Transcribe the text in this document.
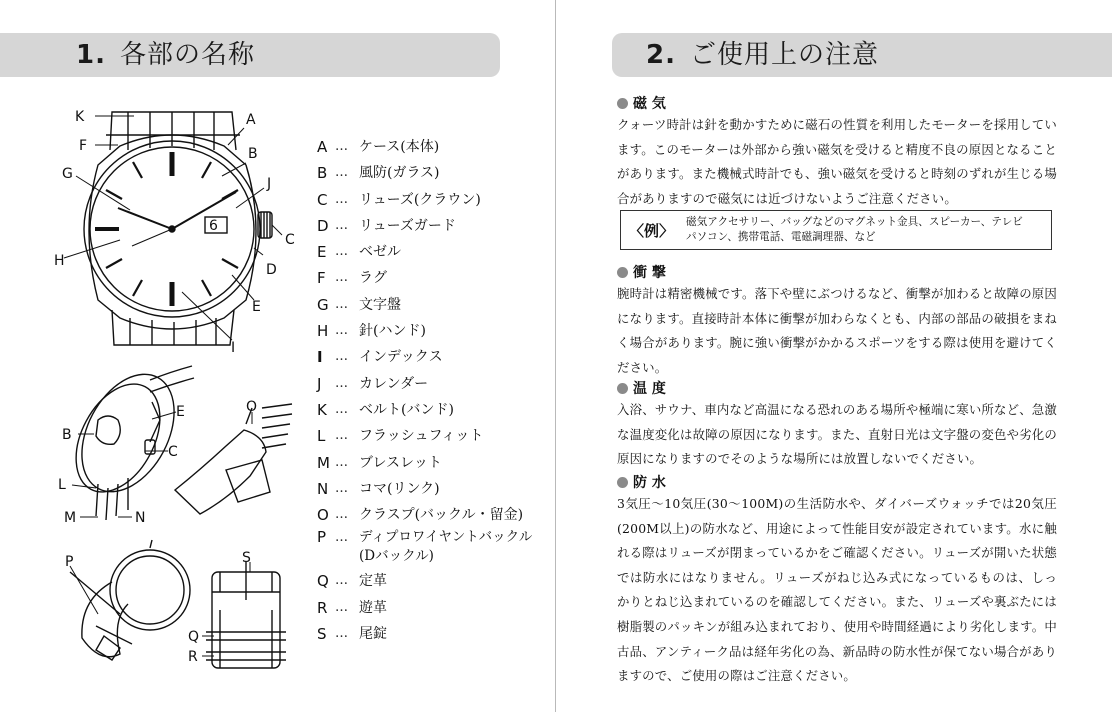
1. 各部の名称
K
F
G
H
A
B
J
C
D
E
I
6
E
B
C
L
M	N
O
P	S
Q
R
A … ケース(本体)
B … 風防(ガラス)
C … リューズ(クラウン)
D … リューズガード
E … ベゼル
F … ラグ
G … 文字盤
H … 針(ハンド)
I … インデックス
J	… カレンダー
K … ベルト(バンド)
L … フラッシュフィット
M … ブレスレット
N … コマ(リンク)
O … クラスプ(バックル・留金)
P … ディプロワイヤントバックル (Dバックル)
Q … 定革
R … 遊革
S … 尾錠
2. ご使用上の注意
磁 気

クォーツ時計は針を動かすために磁石の性質を利用したモーターを採用しています。このモーターは外部から強い磁気を受けると精度不良の原因となることがあります。また機械式時計でも、強い磁気を受けると時刻のずれが生じる場合がありますので磁気には近づけないようご注意ください。

〈例〉 磁気アクセサリー、バッグなどのマグネット金具、スピーカー、テレビ
パソコン、携帯電話、電磁調理器、など
衝 撃

腕時計は精密機械です。落下や壁にぶつけるなど、衝撃が加わると故障の原因になります。直接時計本体に衝撃が加わらなくとも、内部の部品の破損をまねく場合があります。腕に強い衝撃がかかるスポーツをする際は使用を避けてください。

温 度

入浴、サウナ、車内など高温になる恐れのある場所や極端に寒い所など、急激な温度変化は故障の原因になります。また、直射日光は文字盤の変色や劣化の原因になりますのでそのような場所には放置しないでください。

防 水

3気圧〜10気圧(30〜100M)の生活防水や、ダイバーズウォッチでは20気圧(200M以上)の防水など、用途によって性能目安が設定されています。水に触れる際はリューズが閉まっているかをご確認ください。リューズが開いた状態では防水にはなりません。リューズがねじ込み式になっているものは、しっかりとねじ込まれているのを確認してください。また、リューズや裏ぶたには樹脂製のパッキンが組み込まれており、使用や時間経過により劣化します。中古品、アンティーク品は経年劣化の為、新品時の防水性が保てない場合がありますので、ご使用の際はご注意ください。
